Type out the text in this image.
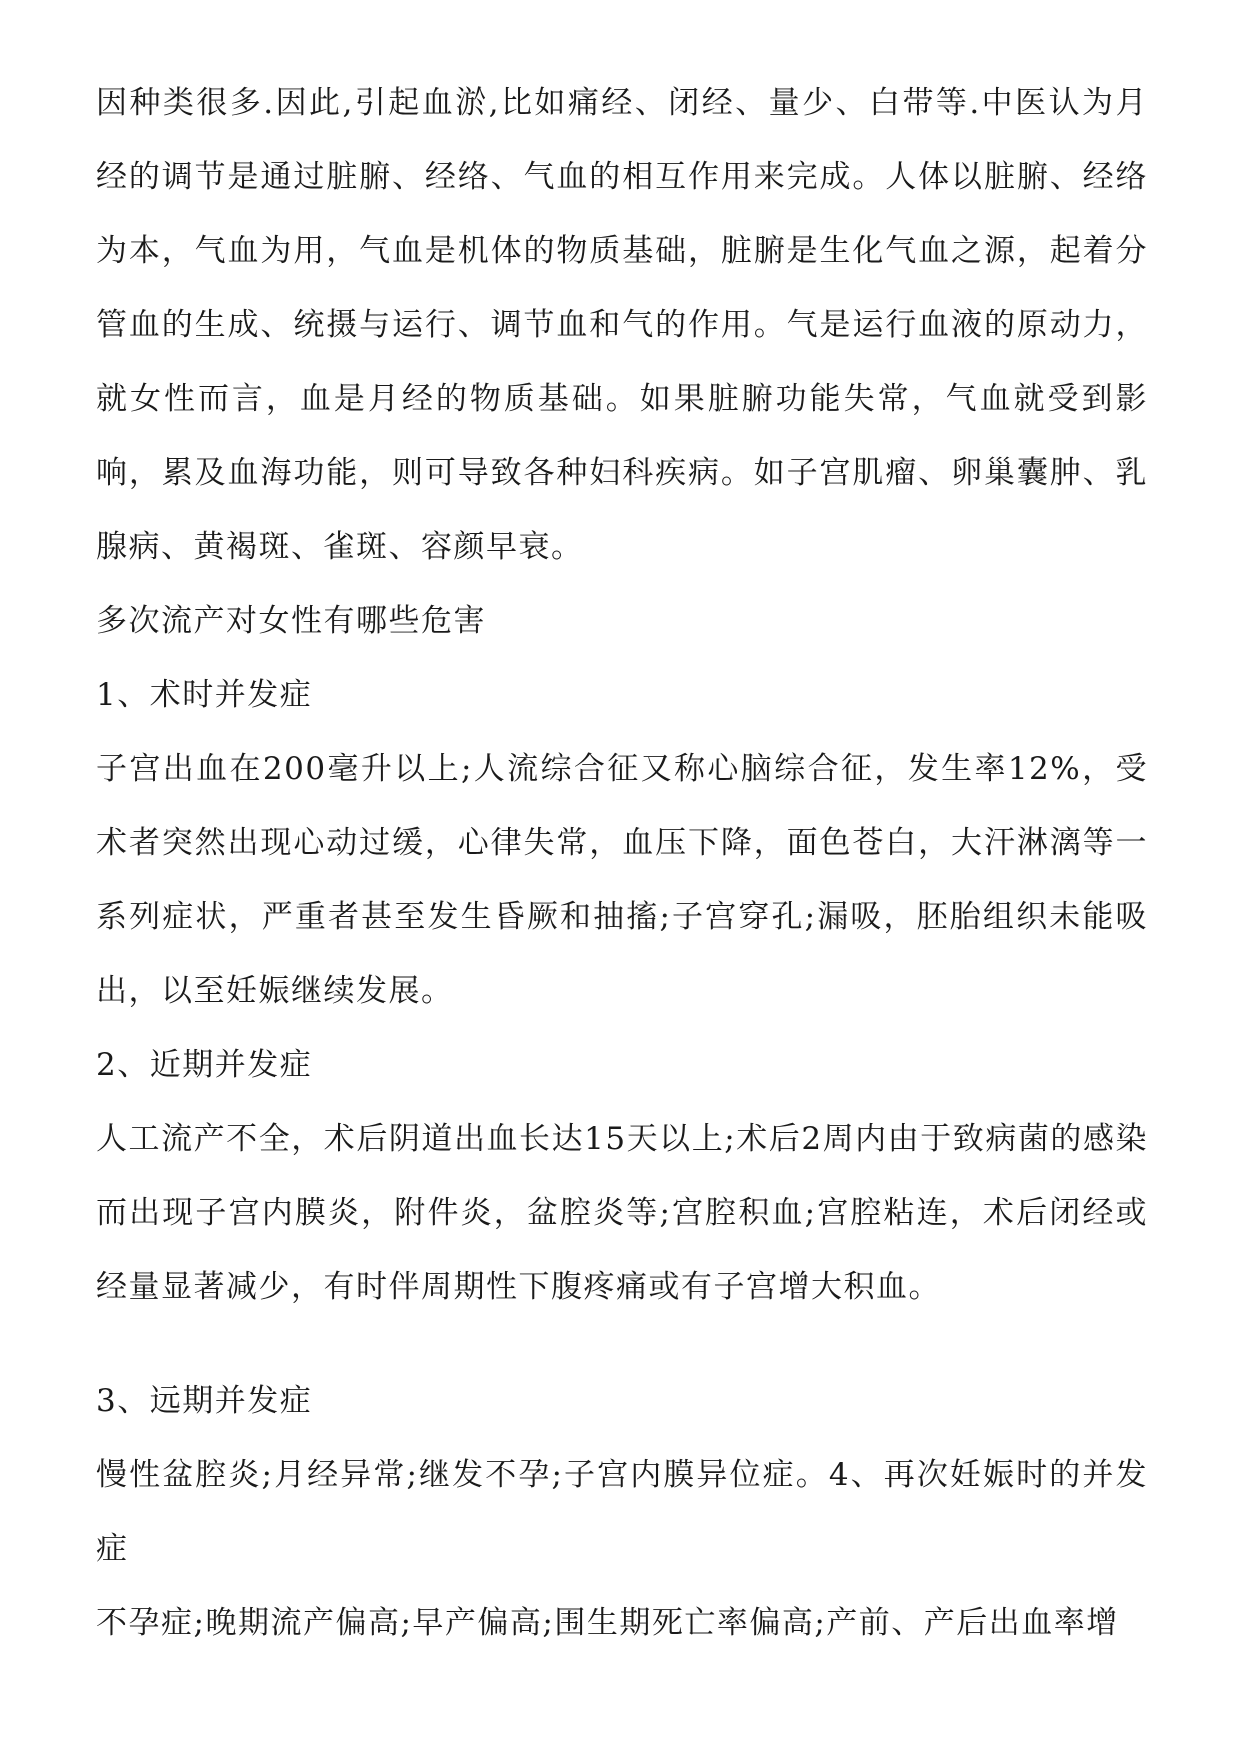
因种类很多.因此,引起血淤,比如痛经、闭经、量少、白带等.中医认为月经的调节是通过脏腑、经络、气血的相互作用来完成。人体以脏腑、经络为本，气血为用，气血是机体的物质基础，脏腑是生化气血之源，起着分管血的生成、统摄与运行、调节血和气的作用。气是运行血液的原动力，就女性而言，血是月经的物质基础。如果脏腑功能失常，气血就受到影响，累及血海功能，则可导致各种妇科疾病。如子宫肌瘤、卵巢囊肿、乳腺病、黄褐斑、雀斑、容颜早衰。

多次流产对女性有哪些危害

1、术时并发症

子宫出血在200毫升以上;人流综合征又称心脑综合征，发生率12%，受术者突然出现心动过缓，心律失常，血压下降，面色苍白，大汗淋漓等一系列症状，严重者甚至发生昏厥和抽搐;子宫穿孔;漏吸，胚胎组织未能吸出，以至妊娠继续发展。

2、近期并发症

人工流产不全，术后阴道出血长达15天以上;术后2周内由于致病菌的感染而出现子宫内膜炎，附件炎，盆腔炎等;宫腔积血;宫腔粘连，术后闭经或经量显著减少，有时伴周期性下腹疼痛或有子宫增大积血。

3、远期并发症

慢性盆腔炎;月经异常;继发不孕;子宫内膜异位症。4、再次妊娠时的并发症

不孕症;晚期流产偏高;早产偏高;围生期死亡率偏高;产前、产后出血率增
